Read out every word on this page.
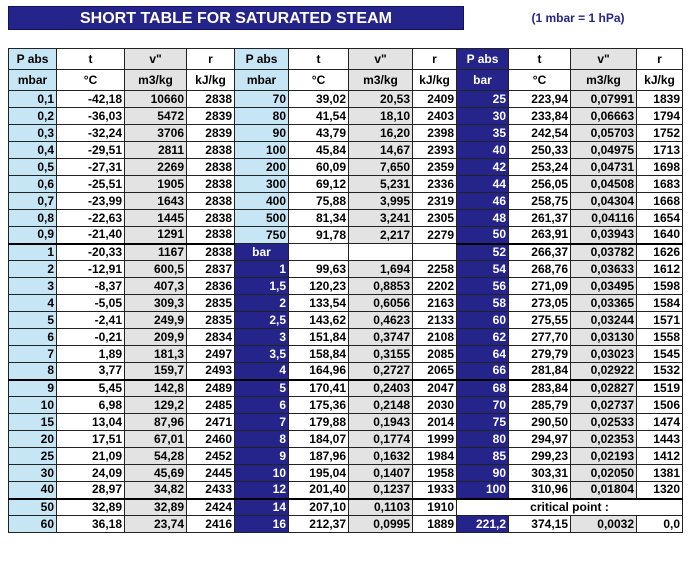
SHORT TABLE FOR SATURATED STEAM	(1 mbar = 1 hPa)
P abs	t	v"	r	P abs	t	v"	r	P abs	t	v"	r
mbar	°C	m3/kg	kJ/kg	mbar	°C	m3/kg	kJ/kg	bar	°C	m3/kg	kJ/kg
0,1	-42,18	10660	2838	70	39,02	20,53	2409	25	223,94	0,07991	1839
0,2	-36,03	5472	2839	80	41,54	18,10	2403	30	233,84	0,06663	1794
0,3	-32,24	3706	2839	90	43,79	16,20	2398	35	242,54	0,05703	1752
0,4	-29,51	2811	2838	100	45,84	14,67	2393	40	250,33	0,04975	1713
0,5	-27,31	2269	2838	200	60,09	7,650	2359	42	253,24	0,04731	1698
0,6	-25,51	1905	2838	300	69,12	5,231	2336	44	256,05	0,04508	1683
0,7	-23,99	1643	2838	400	75,88	3,995	2319	46	258,75	0,04304	1668
0,8	-22,63	1445	2838	500	81,34	3,241	2305	48	261,37	0,04116	1654
0,9	-21,40	1291	2838	750	91,78	2,217	2279	50	263,91	0,03943	1640
1	-20,33	1167	2838	bar				52	266,37	0,03782	1626
2	-12,91	600,5	2837	1	99,63	1,694	2258	54	268,76	0,03633	1612
3	-8,37	407,3	2836	1,5	120,23	0,8853	2202	56	271,09	0,03495	1598
4	-5,05	309,3	2835	2	133,54	0,6056	2163	58	273,05	0,03365	1584
5	-2,41	249,9	2835	2,5	143,62	0,4623	2133	60	275,55	0,03244	1571
6	-0,21	209,9	2834	3	151,84	0,3747	2108	62	277,70	0,03130	1558
7	1,89	181,3	2497	3,5	158,84	0,3155	2085	64	279,79	0,03023	1545
8	3,77	159,7	2493	4	164,96	0,2727	2065	66	281,84	0,02922	1532
9	5,45	142,8	2489	5	170,41	0,2403	2047	68	283,84	0,02827	1519
10	6,98	129,2	2485	6	175,36	0,2148	2030	70	285,79	0,02737	1506
15	13,04	87,96	2471	7	179,88	0,1943	2014	75	290,50	0,02533	1474
20	17,51	67,01	2460	8	184,07	0,1774	1999	80	294,97	0,02353	1443
25	21,09	54,28	2452	9	187,96	0,1632	1984	85	299,23	0,02193	1412
30	24,09	45,69	2445	10	195,04	0,1407	1958	90	303,31	0,02050	1381
40	28,97	34,82	2433	12	201,40	0,1237	1933	100	310,96	0,01804	1320
50	32,89	32,89	2424	14	207,10	0,1103	1910	critical point :			
60	36,18	23,74	2416	16	212,37	0,0995	1889	221,2	374,15	0,0032	0,0
